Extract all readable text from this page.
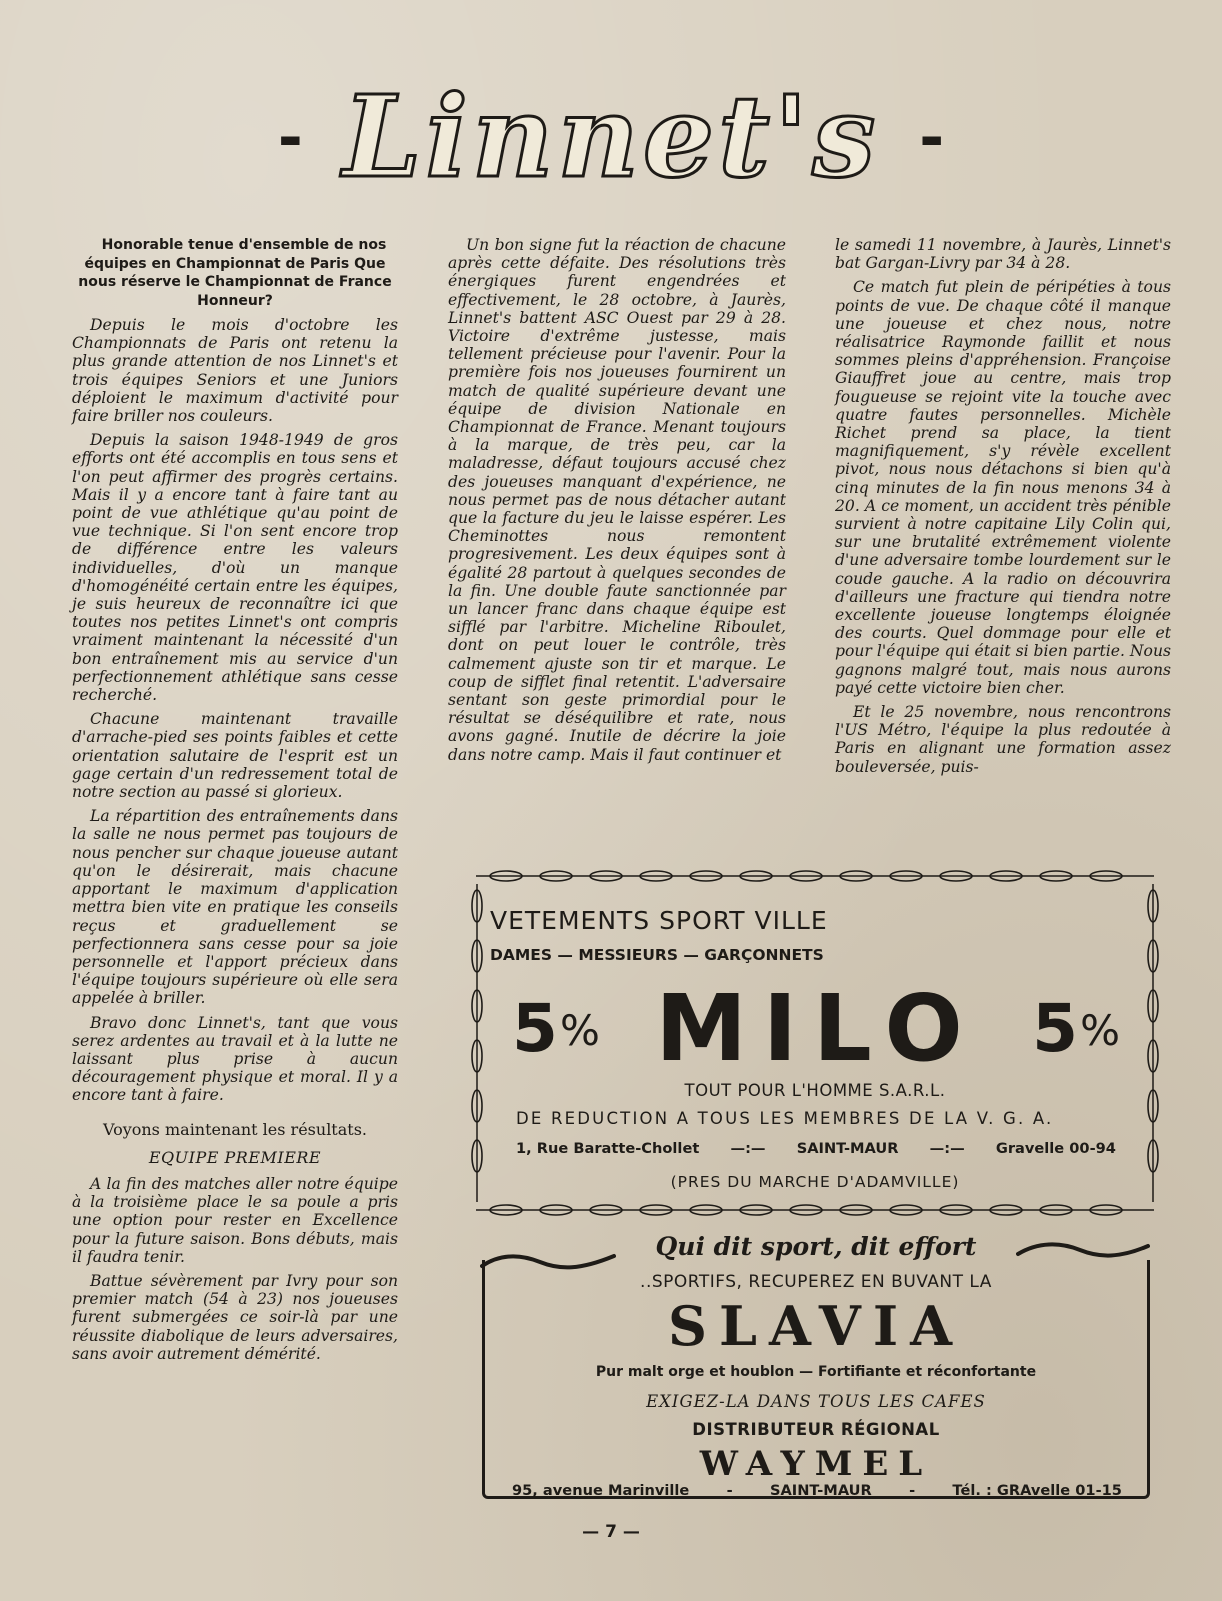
- Linnet's -

Honorable tenue d'ensemble de nos équipes en Championnat de Paris Que nous réserve le Championnat de France Honneur?

Depuis le mois d'octobre les Championnats de Paris ont retenu la plus grande attention de nos Linnet's et trois équipes Seniors et une Juniors déploient le maximum d'activité pour faire briller nos couleurs.

Depuis la saison 1948-1949 de gros efforts ont été accomplis en tous sens et l'on peut affirmer des progrès certains. Mais il y a encore tant à faire tant au point de vue athlétique qu'au point de vue technique. Si l'on sent encore trop de différence entre les valeurs individuelles, d'où un manque d'homogénéité certain entre les équipes, je suis heureux de reconnaître ici que toutes nos petites Linnet's ont compris vraiment maintenant la nécessité d'un bon entraînement mis au service d'un perfectionnement athlétique sans cesse recherché.

Chacune maintenant travaille d'arrache-pied ses points faibles et cette orientation salutaire de l'esprit est un gage certain d'un redressement total de notre section au passé si glorieux.

La répartition des entraînements dans la salle ne nous permet pas toujours de nous pencher sur chaque joueuse autant qu'on le désirerait, mais chacune apportant le maximum d'application mettra bien vite en pratique les conseils reçus et graduellement se perfectionnera sans cesse pour sa joie personnelle et l'apport précieux dans l'équipe toujours supérieure où elle sera appelée à briller.

Bravo donc Linnet's, tant que vous serez ardentes au travail et à la lutte ne laissant plus prise à aucun découragement physique et moral. Il y a encore tant à faire.

Voyons maintenant les résultats.

EQUIPE PREMIERE

A la fin des matches aller notre équipe à la troisième place le sa poule a pris une option pour rester en Excellence pour la future saison. Bons débuts, mais il faudra tenir.

Battue sévèrement par Ivry pour son premier match (54 à 23) nos joueuses furent submergées ce soir-là par une réussite diabolique de leurs adversaires, sans avoir autrement démérité.

Un bon signe fut la réaction de chacune après cette défaite. Des résolutions très énergiques furent engendrées et effectivement, le 28 octobre, à Jaurès, Linnet's battent ASC Ouest par 29 à 28. Victoire d'extrême justesse, mais tellement précieuse pour l'avenir. Pour la première fois nos joueuses fournirent un match de qualité supérieure devant une équipe de division Nationale en Championnat de France. Menant toujours à la marque, de très peu, car la maladresse, défaut toujours accusé chez des joueuses manquant d'expérience, ne nous permet pas de nous détacher autant que la facture du jeu le laisse espérer. Les Cheminottes nous remontent progresivement. Les deux équipes sont à égalité 28 partout à quelques secondes de la fin. Une double faute sanctionnée par un lancer franc dans chaque équipe est sifflé par l'arbitre. Micheline Riboulet, dont on peut louer le contrôle, très calmement ajuste son tir et marque. Le coup de sifflet final retentit. L'adversaire sentant son geste primordial pour le résultat se déséquilibre et rate, nous avons gagné. Inutile de décrire la joie dans notre camp. Mais il faut continuer et

le samedi 11 novembre, à Jaurès, Linnet's bat Gargan-Livry par 34 à 28.

Ce match fut plein de péripéties à tous points de vue. De chaque côté il manque une joueuse et chez nous, notre réalisatrice Raymonde faillit et nous sommes pleins d'appréhension. Françoise Giauffret joue au centre, mais trop fougueuse se rejoint vite la touche avec quatre fautes personnelles. Michèle Richet prend sa place, la tient magnifiquement, s'y révèle excellent pivot, nous nous détachons si bien qu'à cinq minutes de la fin nous menons 34 à 20. A ce moment, un accident très pénible survient à notre capitaine Lily Colin qui, sur une brutalité extrêmement violente d'une adversaire tombe lourdement sur le coude gauche. A la radio on découvrira d'ailleurs une fracture qui tiendra notre excellente joueuse longtemps éloignée des courts. Quel dommage pour elle et pour l'équipe qui était si bien partie. Nous gagnons malgré tout, mais nous aurons payé cette victoire bien cher.

Et le 25 novembre, nous rencontrons l'US Métro, l'équipe la plus redoutée à Paris en alignant une formation assez bouleversée, puis-

VETEMENTS SPORT VILLE
DAMES — MESSIEURS — GARÇONNETS
5% MILO 5%
TOUT POUR L'HOMME S.A.R.L.
DE REDUCTION A TOUS LES MEMBRES DE LA V. G. A.
1, Rue Baratte-Chollet —:— SAINT-MAUR —:— Gravelle 00-94
(PRES DU MARCHE D'ADAMVILLE)
Qui dit sport, dit effort
..SPORTIFS, RECUPEREZ EN BUVANT LA
SLAVIA
Pur malt orge et houblon — Fortifiante et réconfortante
EXIGEZ-LA DANS TOUS LES CAFES
DISTRIBUTEUR RÉGIONAL
WAYMEL
95, avenue Marinville	-	SAINT-MAUR	-	Tél. : GRAvelle 01-15
— 7 —
